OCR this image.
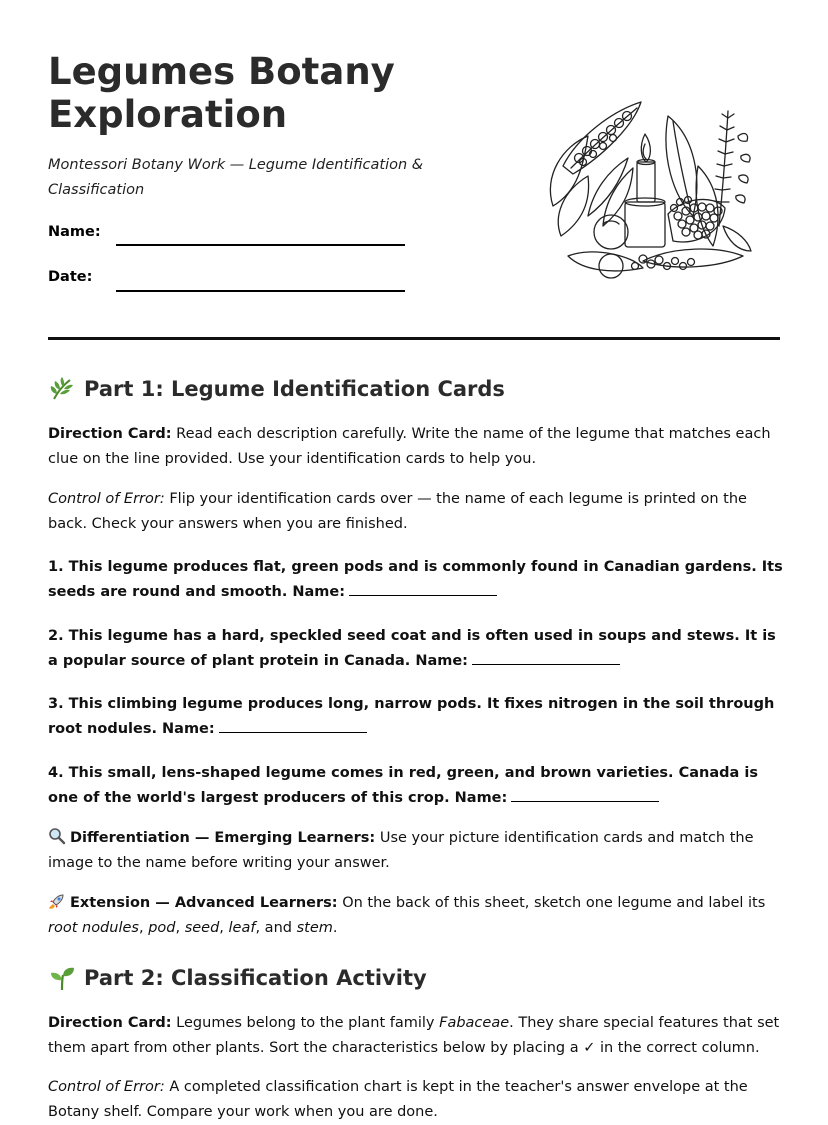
Legumes Botany
Exploration
Montessori Botany Work — Legume Identification & Classification
Name:
Date:
Part 1: Legume Identification Cards
Direction Card: Read each description carefully. Write the name of the legume that matches each clue on the line provided. Use your identification cards to help you.
Control of Error: Flip your identification cards over — the name of each legume is printed on the back. Check your answers when you are finished.
1. This legume produces flat, green pods and is commonly found in Canadian gardens. Its seeds are round and smooth. Name:
2. This legume has a hard, speckled seed coat and is often used in soups and stews. It is a popular source of plant protein in Canada. Name:
3. This climbing legume produces long, narrow pods. It fixes nitrogen in the soil through root nodules. Name:
4. This small, lens-shaped legume comes in red, green, and brown varieties. Canada is one of the world's largest producers of this crop. Name:
Differentiation — Emerging Learners: Use your picture identification cards and match the image to the name before writing your answer.
Extension — Advanced Learners: On the back of this sheet, sketch one legume and label its root nodules, pod, seed, leaf, and stem.
Part 2: Classification Activity
Direction Card: Legumes belong to the plant family Fabaceae. They share special features that set them apart from other plants. Sort the characteristics below by placing a ✓ in the correct column.
Control of Error: A completed classification chart is kept in the teacher's answer envelope at the Botany shelf. Compare your work when you are done.
